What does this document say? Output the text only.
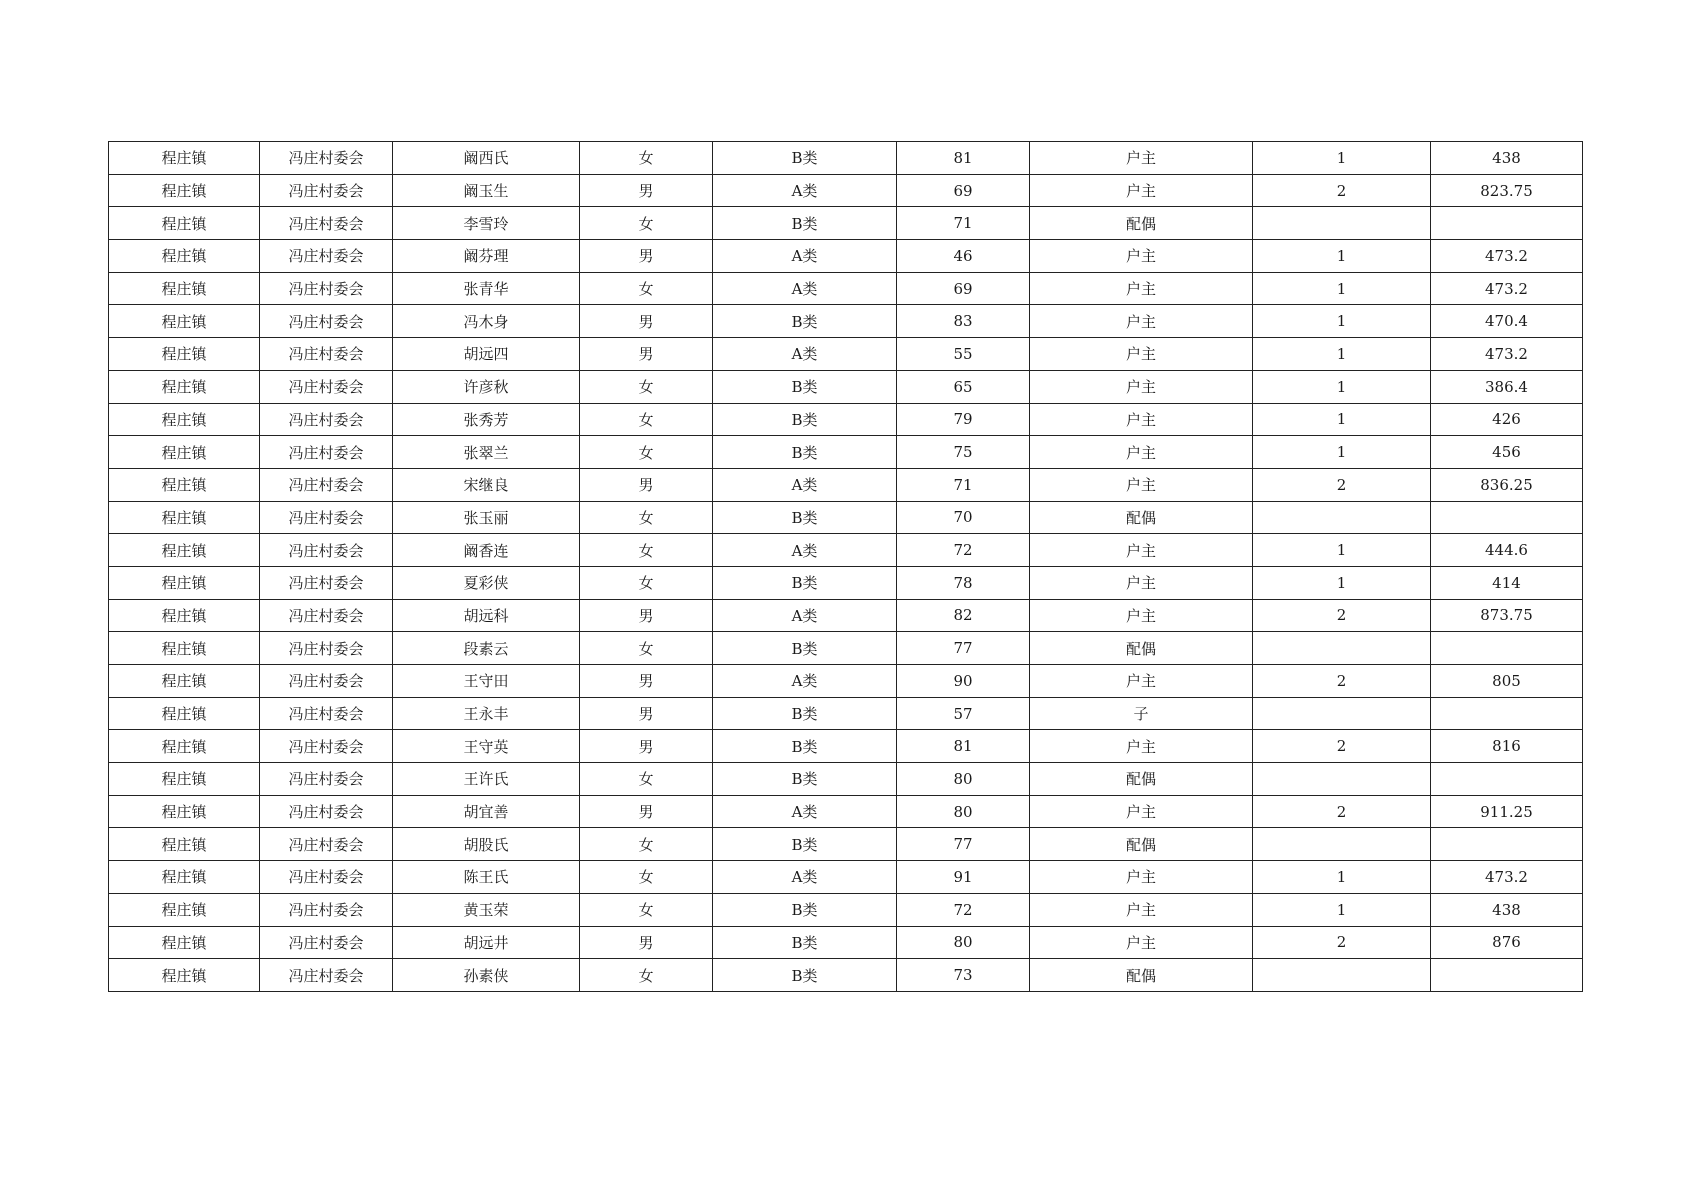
程庄镇	冯庄村委会	阚西氏	女	B类	81	户主	1	438
程庄镇	冯庄村委会	阚玉生	男	A类	69	户主	2	823.75
程庄镇	冯庄村委会	李雪玲	女	B类	71	配偶		
程庄镇	冯庄村委会	阚芬理	男	A类	46	户主	1	473.2
程庄镇	冯庄村委会	张青华	女	A类	69	户主	1	473.2
程庄镇	冯庄村委会	冯木身	男	B类	83	户主	1	470.4
程庄镇	冯庄村委会	胡远四	男	A类	55	户主	1	473.2
程庄镇	冯庄村委会	许彦秋	女	B类	65	户主	1	386.4
程庄镇	冯庄村委会	张秀芳	女	B类	79	户主	1	426
程庄镇	冯庄村委会	张翠兰	女	B类	75	户主	1	456
程庄镇	冯庄村委会	宋继良	男	A类	71	户主	2	836.25
程庄镇	冯庄村委会	张玉丽	女	B类	70	配偶		
程庄镇	冯庄村委会	阚香连	女	A类	72	户主	1	444.6
程庄镇	冯庄村委会	夏彩侠	女	B类	78	户主	1	414
程庄镇	冯庄村委会	胡远科	男	A类	82	户主	2	873.75
程庄镇	冯庄村委会	段素云	女	B类	77	配偶		
程庄镇	冯庄村委会	王守田	男	A类	90	户主	2	805
程庄镇	冯庄村委会	王永丰	男	B类	57	子		
程庄镇	冯庄村委会	王守英	男	B类	81	户主	2	816
程庄镇	冯庄村委会	王许氏	女	B类	80	配偶		
程庄镇	冯庄村委会	胡宜善	男	A类	80	户主	2	911.25
程庄镇	冯庄村委会	胡股氏	女	B类	77	配偶		
程庄镇	冯庄村委会	陈王氏	女	A类	91	户主	1	473.2
程庄镇	冯庄村委会	黄玉荣	女	B类	72	户主	1	438
程庄镇	冯庄村委会	胡远井	男	B类	80	户主	2	876
程庄镇	冯庄村委会	孙素侠	女	B类	73	配偶		
